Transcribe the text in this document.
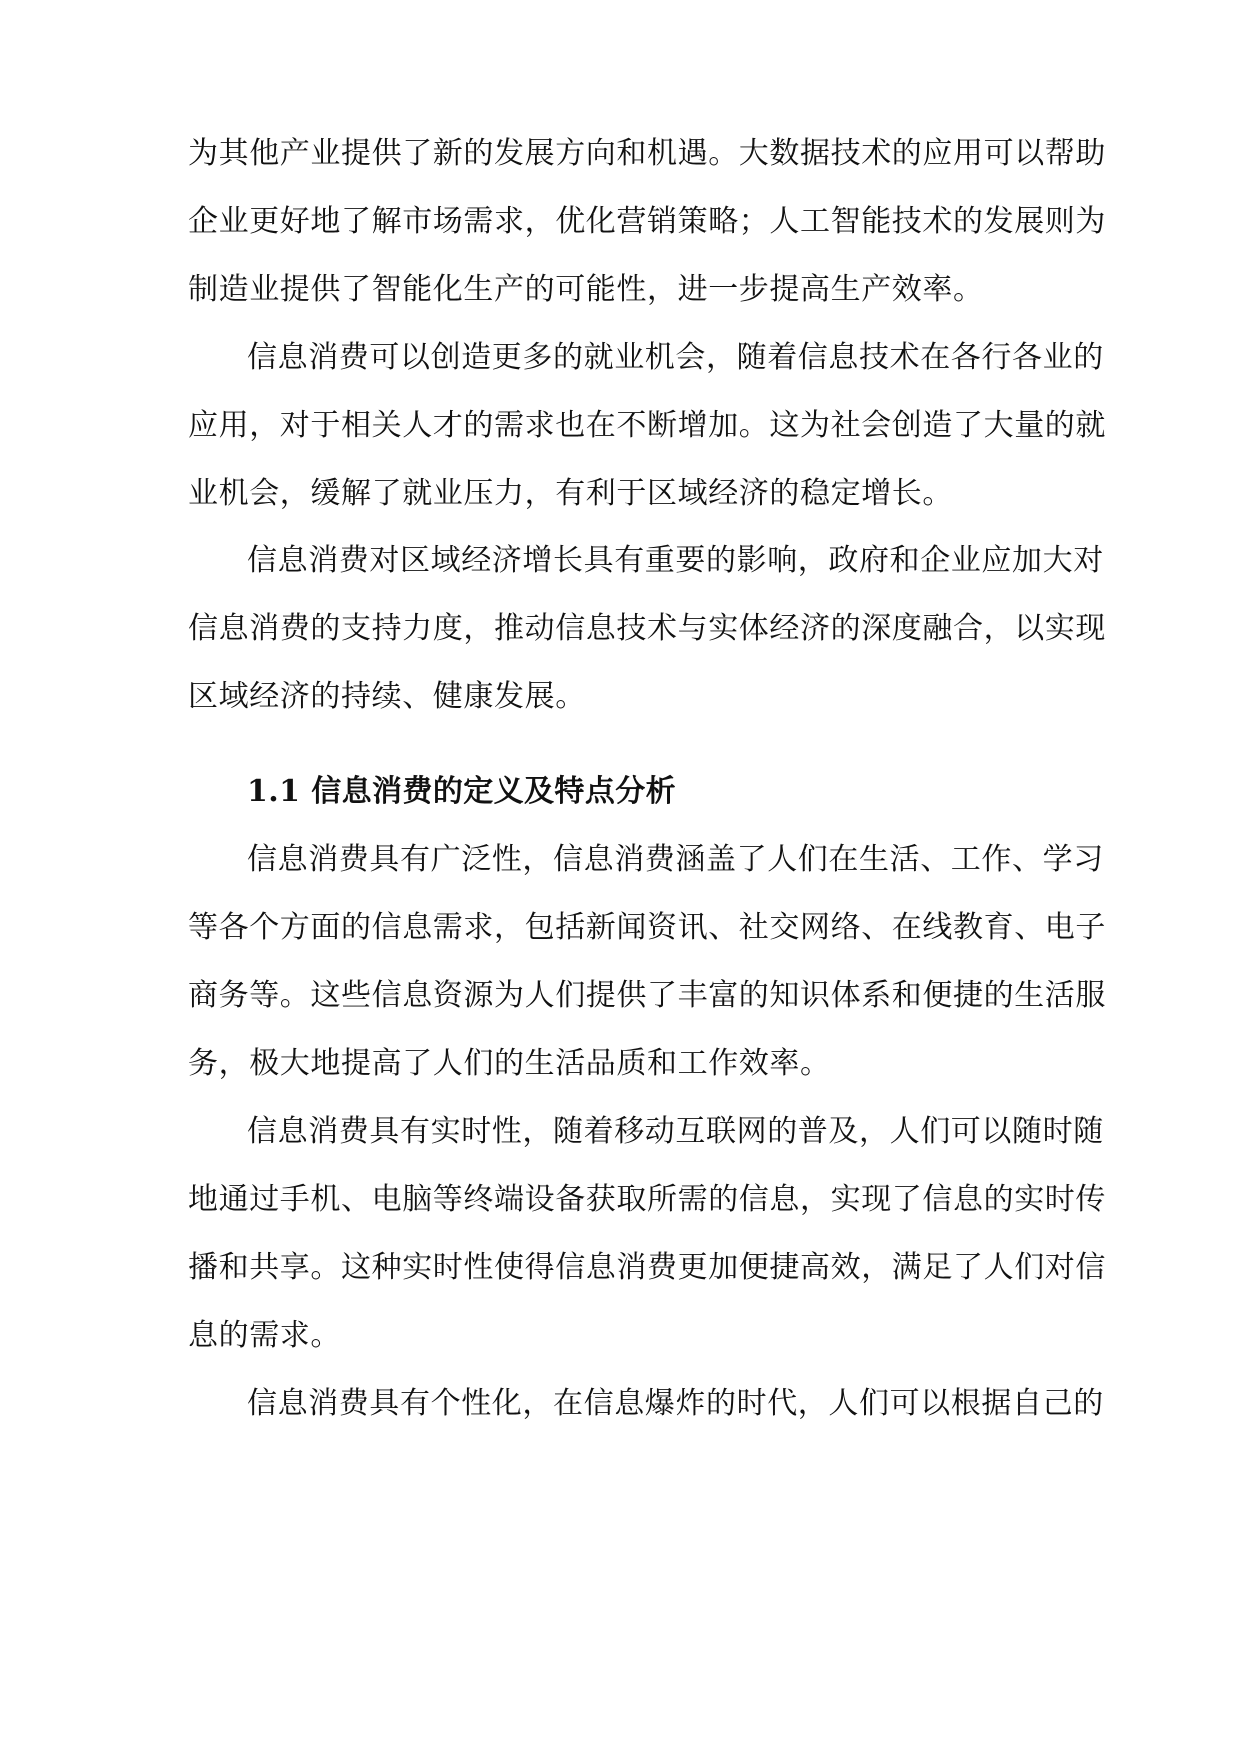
为其他产业提供了新的发展方向和机遇。大数据技术的应用可以帮助
企业更好地了解市场需求，优化营销策略；人工智能技术的发展则为
制造业提供了智能化生产的可能性，进一步提高生产效率。
信息消费可以创造更多的就业机会，随着信息技术在各行各业的
应用，对于相关人才的需求也在不断增加。这为社会创造了大量的就
业机会，缓解了就业压力，有利于区域经济的稳定增长。
信息消费对区域经济增长具有重要的影响，政府和企业应加大对
信息消费的支持力度，推动信息技术与实体经济的深度融合，以实现
区域经济的持续、健康发展。
1.1 信息消费的定义及特点分析
信息消费具有广泛性，信息消费涵盖了人们在生活、工作、学习
等各个方面的信息需求，包括新闻资讯、社交网络、在线教育、电子
商务等。这些信息资源为人们提供了丰富的知识体系和便捷的生活服
务，极大地提高了人们的生活品质和工作效率。
信息消费具有实时性，随着移动互联网的普及，人们可以随时随
地通过手机、电脑等终端设备获取所需的信息，实现了信息的实时传
播和共享。这种实时性使得信息消费更加便捷高效，满足了人们对信
息的需求。
信息消费具有个性化，在信息爆炸的时代，人们可以根据自己的
